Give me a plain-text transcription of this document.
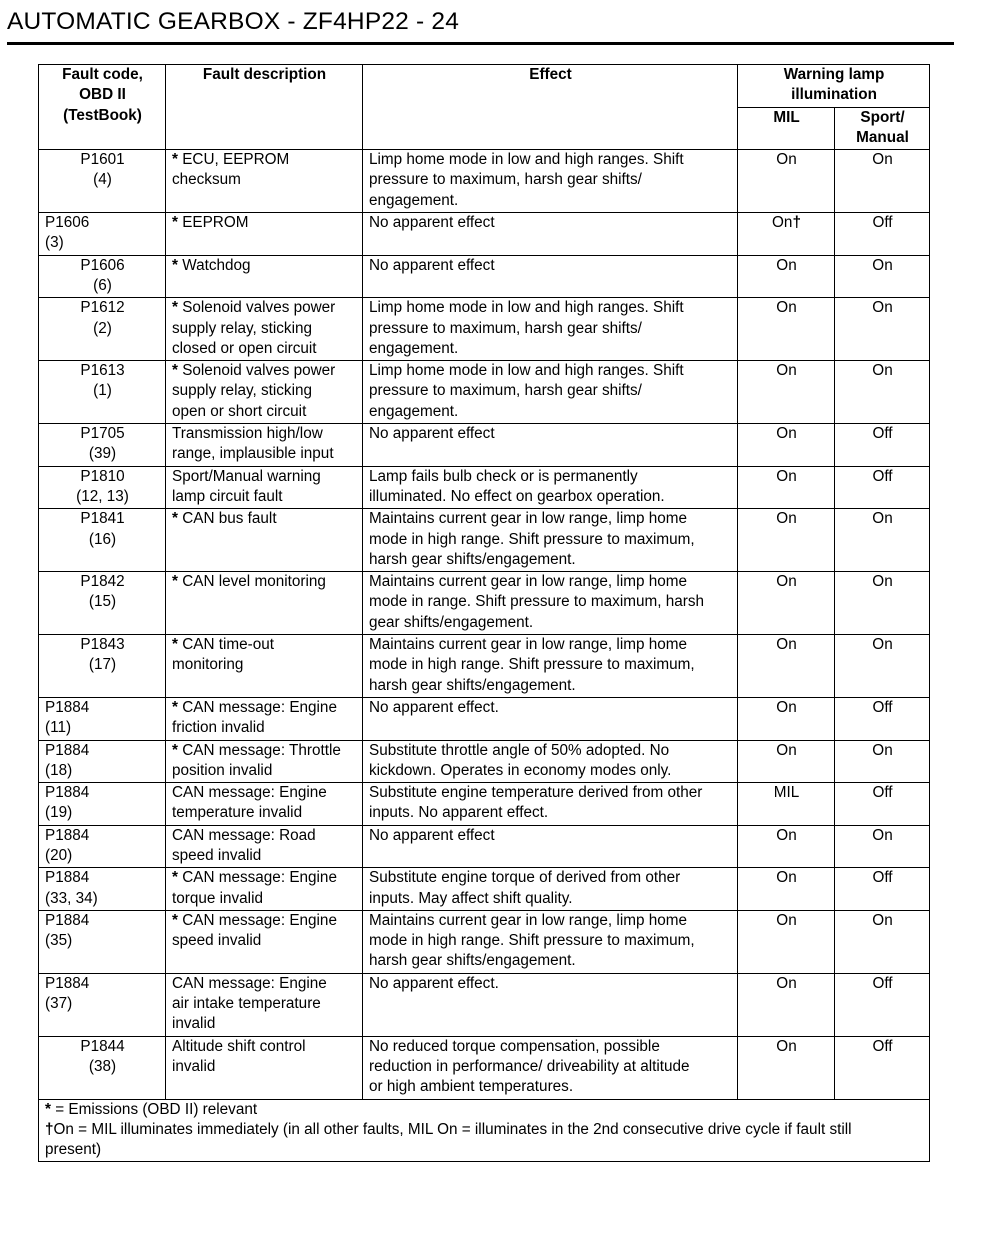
AUTOMATIC GEARBOX - ZF4HP22 - 24
Fault code,
OBD II
(TestBook)	Fault description	Effect	Warning lamp
illumination	

			MIL	Sport/
Manual

P1601
(4)	* ECU, EEPROM
checksum	Limp home mode in low and high ranges. Shift
pressure to maximum, harsh gear shifts/
engagement.	On	On

P1606
(3)	* EEPROM	No apparent effect	On†	Off

P1606
(6)	* Watchdog	No apparent effect	On	On

P1612
(2)	* Solenoid valves power
supply relay, sticking
closed or open circuit	Limp home mode in low and high ranges. Shift
pressure to maximum, harsh gear shifts/
engagement.	On	On

P1613
(1)	* Solenoid valves power
supply relay, sticking
open or short circuit	Limp home mode in low and high ranges. Shift
pressure to maximum, harsh gear shifts/
engagement.	On	On

P1705
(39)	Transmission high/low
range, implausible input	No apparent effect	On	Off

P1810
(12, 13)	Sport/Manual warning
lamp circuit fault	Lamp fails bulb check or is permanently
illuminated. No effect on gearbox operation.	On	Off

P1841
(16)	* CAN bus fault	Maintains current gear in low range, limp home
mode in high range. Shift pressure to maximum,
harsh gear shifts/engagement.	On	On

P1842
(15)	* CAN level monitoring	Maintains current gear in low range, limp home
mode in range. Shift pressure to maximum, harsh
gear shifts/engagement.	On	On

P1843
(17)	* CAN time-out
monitoring	Maintains current gear in low range, limp home
mode in high range. Shift pressure to maximum,
harsh gear shifts/engagement.	On	On

P1884
(11)	* CAN message: Engine
friction invalid	No apparent effect.	On	Off

P1884
(18)	* CAN message: Throttle
position invalid	Substitute throttle angle of 50% adopted. No
kickdown. Operates in economy modes only.	On	On

P1884
(19)	CAN message: Engine
temperature invalid	Substitute engine temperature derived from other
inputs. No apparent effect.	MIL	Off

P1884
(20)	CAN message: Road
speed invalid	No apparent effect	On	On

P1884
(33, 34)	* CAN message: Engine
torque invalid	Substitute engine torque of derived from other
inputs. May affect shift quality.	On	Off

P1884
(35)	* CAN message: Engine
speed invalid	Maintains current gear in low range, limp home
mode in high range. Shift pressure to maximum,
harsh gear shifts/engagement.	On	On

P1884
(37)	CAN message: Engine
air intake temperature
invalid	No apparent effect.	On	Off

P1844
(38)	Altitude shift control
invalid	No reduced torque compensation, possible
reduction in performance/ driveability at altitude
or high ambient temperatures.	On	Off

* = Emissions (OBD II) relevant
†On = MIL illuminates immediately (in all other faults, MIL On = illuminates in the 2nd consecutive drive cycle if fault still
present)				
